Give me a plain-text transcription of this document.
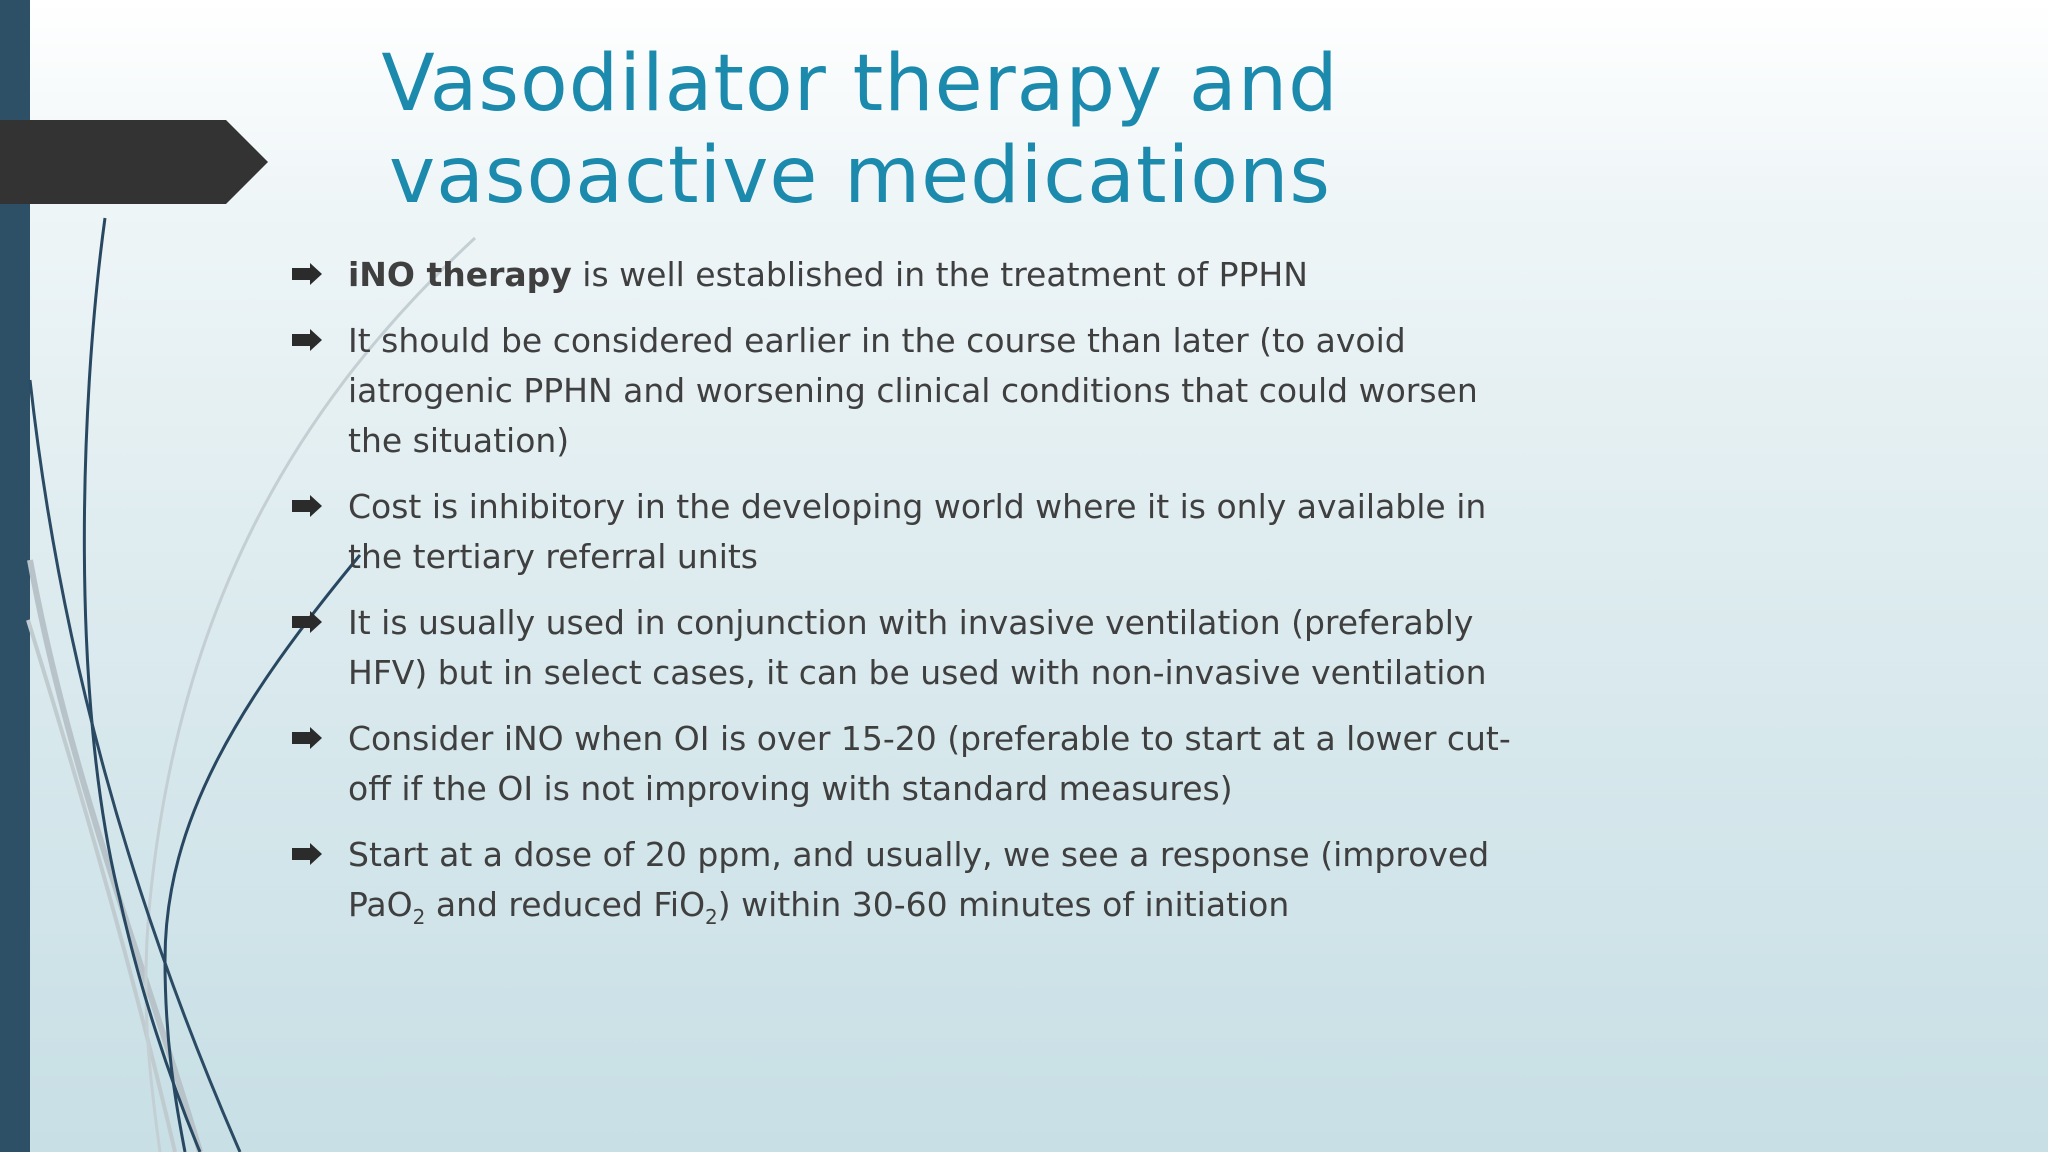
Vasodilator therapy and
vasoactive medications
iNO therapy is well established in the treatment of PPHN
It should be considered earlier in the course than later (to avoid iatrogenic PPHN and worsening clinical conditions that could worsen the situation)
Cost is inhibitory in the developing world where it is only available in the tertiary referral units
It is usually used in conjunction with invasive ventilation (preferably HFV) but in select cases, it can be used with non-invasive ventilation
Consider iNO when OI is over 15-20 (preferable to start at a lower cut-off if the OI is not improving with standard measures)
Start at a dose of 20 ppm, and usually, we see a response (improved PaO$_2$ and reduced FiO$_2$) within 30-60 minutes of initiation
